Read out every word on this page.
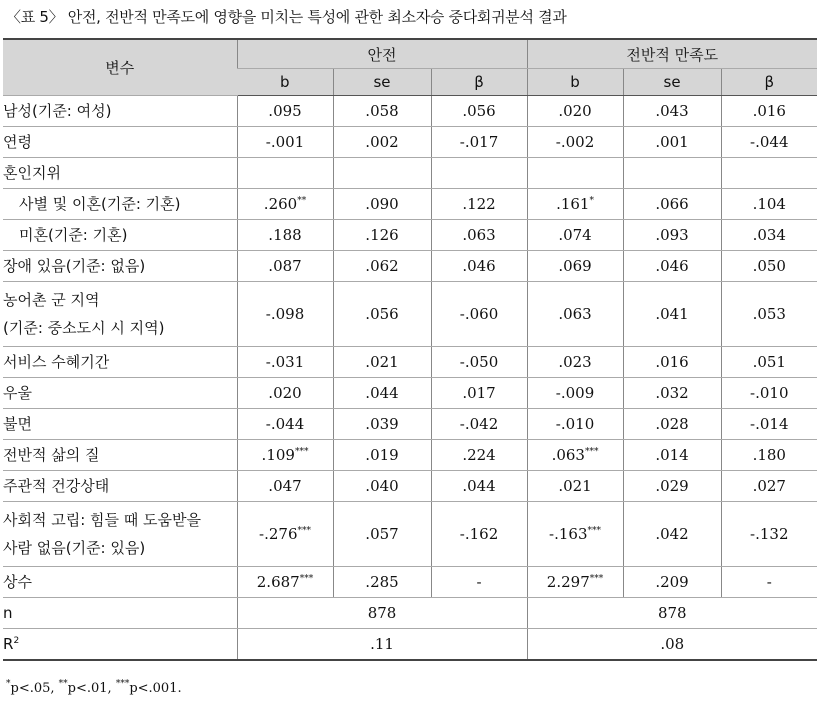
〈표 5〉 안전, 전반적 만족도에 영향을 미치는 특성에 관한 최소자승 중다회귀분석 결과
변수	안전			전반적 만족도		
	b	se	β	b	se	β
남성(기준: 여성)	.095	.058	.056	.020	.043	.016
연령	-.001	.002	-.017	-.002	.001	-.044
혼인지위						
사별 및 이혼(기준: 기혼)	.260**	.090	.122	.161*	.066	.104
미혼(기준: 기혼)	.188	.126	.063	.074	.093	.034
장애 있음(기준: 없음)	.087	.062	.046	.069	.046	.050
농어촌 군 지역
(기준: 중소도시 시 지역)	-.098	.056	-.060	.063	.041	.053
서비스 수혜기간	-.031	.021	-.050	.023	.016	.051
우울	.020	.044	.017	-.009	.032	-.010
불면	-.044	.039	-.042	-.010	.028	-.014
전반적 삶의 질	.109***	.019	.224	.063***	.014	.180
주관적 건강상태	.047	.040	.044	.021	.029	.027
사회적 고립: 힘들 때 도움받을
사람 없음(기준: 있음)	-.276***	.057	-.162	-.163***	.042	-.132
상수	2.687***	.285	-	2.297***	.209	-
n	878			878		
$R^2$	.11			.08		
*p<.05, **p<.01, ***p<.001.
